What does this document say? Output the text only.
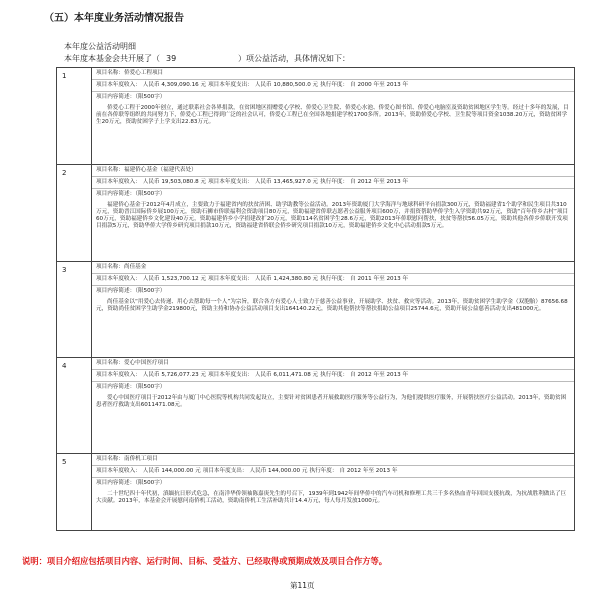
（五）本年度业务活动情况报告
本年度公益活动明细
本年度本基金会共开展了（ 39	）项公益活动，具体情况如下：
1	项目名称：侨爱心工程项目
项目本年度收入： 人民币 4,309,090.16 元 项目本年度支出： 人民币 10,880,500.0 元 执行年度： 自 2000 年至 2013 年
项目内容简述：（限500字）

侨爱心工程于2000年创立，通过联系社会各界捐款，在贫困地区捐赠爱心学校、侨爱心卫生院、侨爱心水池、侨爱心图书馆、侨爱心电脑室及资助贫困地区学生等。经过十多年的发展，目前在各侨联等组织的共同努力下，侨爱心工程已得到广泛的社会认可，侨爱心工程已在全国各地捐建学校1700多所。2013年，资助侨爱心学校、卫生院等项目资金1038.20万元，资助贫困学生20万元，资助贫困学子上学支出22.83万元。

2	项目名称：福建侨心基金（福建代表处）
项目本年度收入： 人民币 19,503,080.8 元 项目本年度支出： 人民币 13,465,927.0 元 执行年度： 自 2012 年至 2013 年
项目内容简述：（限500字）

福建侨心基金于2012年4月成立，主要致力于福建省内的扶贫济困、助学助教等公益活动。2013年资助厦门大学海洋与地球科研平台捐款300万元，资助福建省1个助学和民生项目共310万元，资助晋江国际侨乡展100万元，资助石狮市侨联福利会资助项目80万元，资助福建省侨联志愿者公益服务项目600万，并捐资帮助华侨学生入学资助共92万元，资助“百年侨乡古村”项目60万元，资助福建侨乡文化建设40万元，资助福建侨乡小学捐建改扩20万元，资助114名贫困学生28.6万元，资助2013年侨联慰问帮扶，扶贫等帮扶56.05万元，资助其他各侨乡侨联开发项目捐款5万元，资助华侨大学侨乡研究项目捐款10万元，资助福建省侨联会侨乡研究项目捐款10万元，资助福建侨乡文化中心活动捐款5万元。

3	项目名称：尚佳基金
项目本年度收入： 人民币 1,523,700.12 元 项目本年度支出： 人民币 1,424,380.80 元 执行年度： 自 2011 年至 2013 年
项目内容简述：（限500字）

尚佳基金以“用爱心去传递、用心去帮助每一个人”为宗旨，联合各方有爱心人士致力于慈善公益事业，开展助学、扶贫、救灾等活动。2013年，资助贫困学生助学金（双胞胎）87656.68元，资助尚佳贫困学生助学金219800元，资助主持和协办公益活动项目支出164140.22元，资助其他帮扶等帮扶捐助公益项目25744.6元，资助开展公益慈善活动支出481000元。

4	项目名称：爱心中国医疗项目
项目本年度收入： 人民币 5,726,077.23 元 项目本年度支出： 人民币 6,011,471.08 元 执行年度： 自 2012 年至 2013 年
项目内容简述：（限500字）

爱心中国医疗项目于2012年由与厦门中心医院等机构共同发起设立，主要针对贫困患者开展救助医疗服务等公益行为，为他们提供医疗服务，开展帮扶医疗公益活动。2013年，资助贫困患者医疗救助支出6011471.08元。

5	项目名称：南侨机工项目
项目本年度收入： 人民币 144,000.00 元 项目本年度支出： 人民币 144,000.00 元 执行年度： 自 2012 年至 2013 年
项目内容简述：（限500字）

二十世纪四十年代初，滇缅抗日形式危急，在南洋华侨领袖陈嘉庚先生的号召下，1939年到1942年间华侨中的汽车司机和修理工共三千多名热血青年回国支援抗战，为抗战胜利做出了巨大贡献。2013年，本基金会开展慰问南侨机工活动，资助南侨机工生活补助共计14.4万元，每人每月发放1000元。

说明：项目介绍应包括项目内容、运行时间、目标、受益方、已经取得或预期成效及项目合作方等。
第11页
